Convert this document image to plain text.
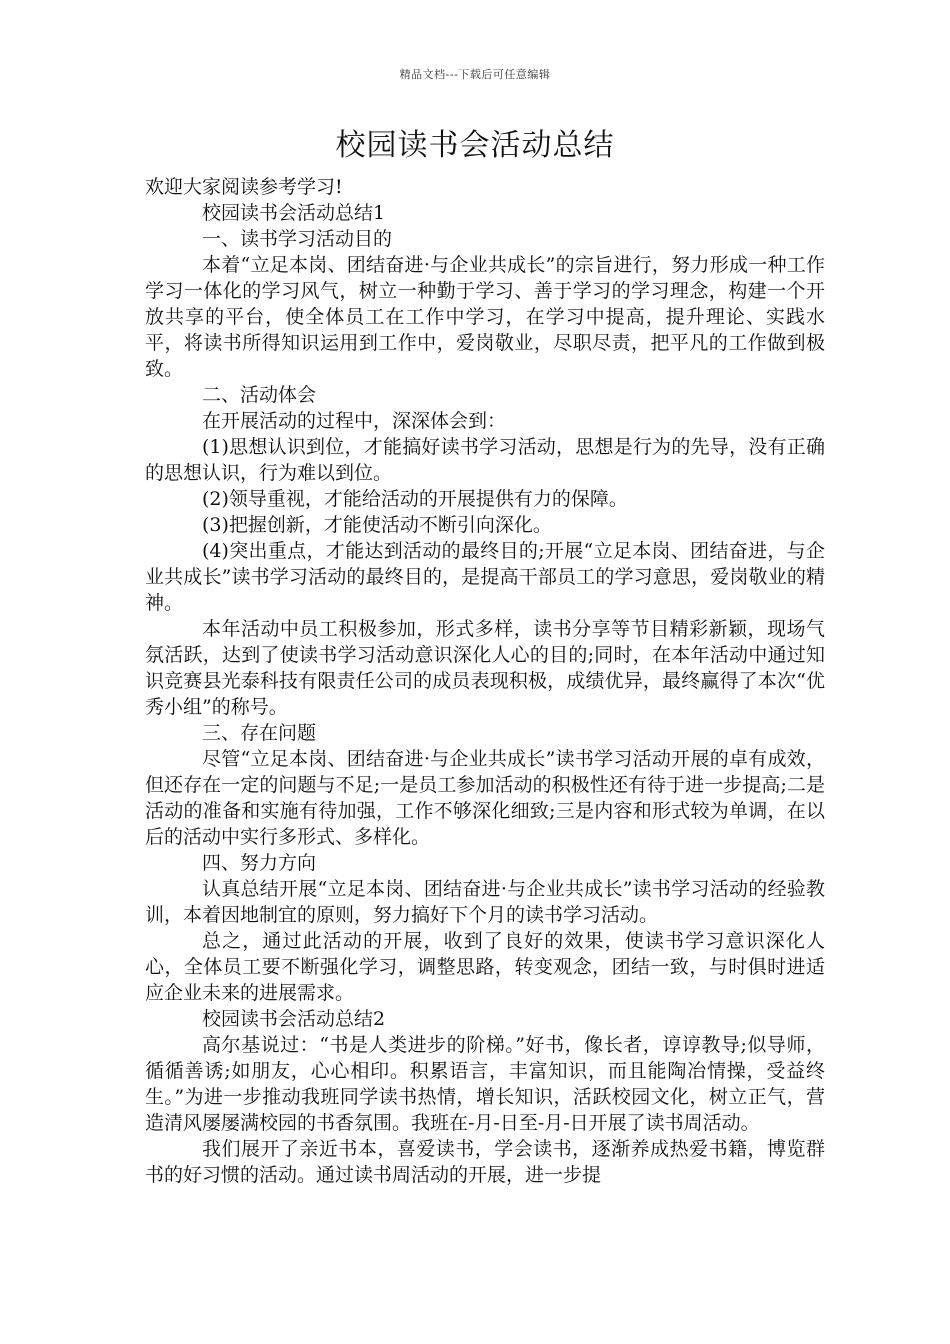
精品文档---下载后可任意编辑
校园读书会活动总结

欢迎大家阅读参考学习!

校园读书会活动总结1

一、读书学习活动目的

本着“立足本岗、团结奋进·与企业共成长”的宗旨进行，努力形成一种工作学习一体化的学习风气，树立一种勤于学习、善于学习的学习理念，构建一个开放共享的平台，使全体员工在工作中学习，在学习中提高，提升理论、实践水平，将读书所得知识运用到工作中，爱岗敬业，尽职尽责，把平凡的工作做到极致。

二、活动体会

在开展活动的过程中，深深体会到：

(1)思想认识到位，才能搞好读书学习活动，思想是行为的先导，没有正确的思想认识，行为难以到位。

(2)领导重视，才能给活动的开展提供有力的保障。

(3)把握创新，才能使活动不断引向深化。

(4)突出重点，才能达到活动的最终目的;开展“立足本岗、团结奋进，与企业共成长”读书学习活动的最终目的，是提高干部员工的学习意思，爱岗敬业的精神。

本年活动中员工积极参加，形式多样，读书分享等节目精彩新颖，现场气氛活跃，达到了使读书学习活动意识深化人心的目的;同时，在本年活动中通过知识竞赛县光泰科技有限责任公司的成员表现积极，成绩优异，最终赢得了本次“优秀小组”的称号。

三、存在问题

尽管“立足本岗、团结奋进·与企业共成长”读书学习活动开展的卓有成效，但还存在一定的问题与不足;一是员工参加活动的积极性还有待于进一步提高;二是活动的准备和实施有待加强，工作不够深化细致;三是内容和形式较为单调，在以后的活动中实行多形式、多样化。

四、努力方向

认真总结开展“立足本岗、团结奋进·与企业共成长”读书学习活动的经验教训，本着因地制宜的原则，努力搞好下个月的读书学习活动。

总之，通过此活动的开展，收到了良好的效果，使读书学习意识深化人心，全体员工要不断强化学习，调整思路，转变观念，团结一致，与时俱时进适应企业未来的进展需求。

校园读书会活动总结2

高尔基说过：“书是人类进步的阶梯。”好书，像长者，谆谆教导;似导师，循循善诱;如朋友，心心相印。积累语言，丰富知识，而且能陶冶情操，受益终生。”为进一步推动我班同学读书热情，增长知识，活跃校园文化，树立正气，营造清风屡屡满校园的书香氛围。我班在-月-日至-月-日开展了读书周活动。

我们展开了亲近书本，喜爱读书，学会读书，逐渐养成热爱书籍，博览群书的好习惯的活动。通过读书周活动的开展，进一步提
